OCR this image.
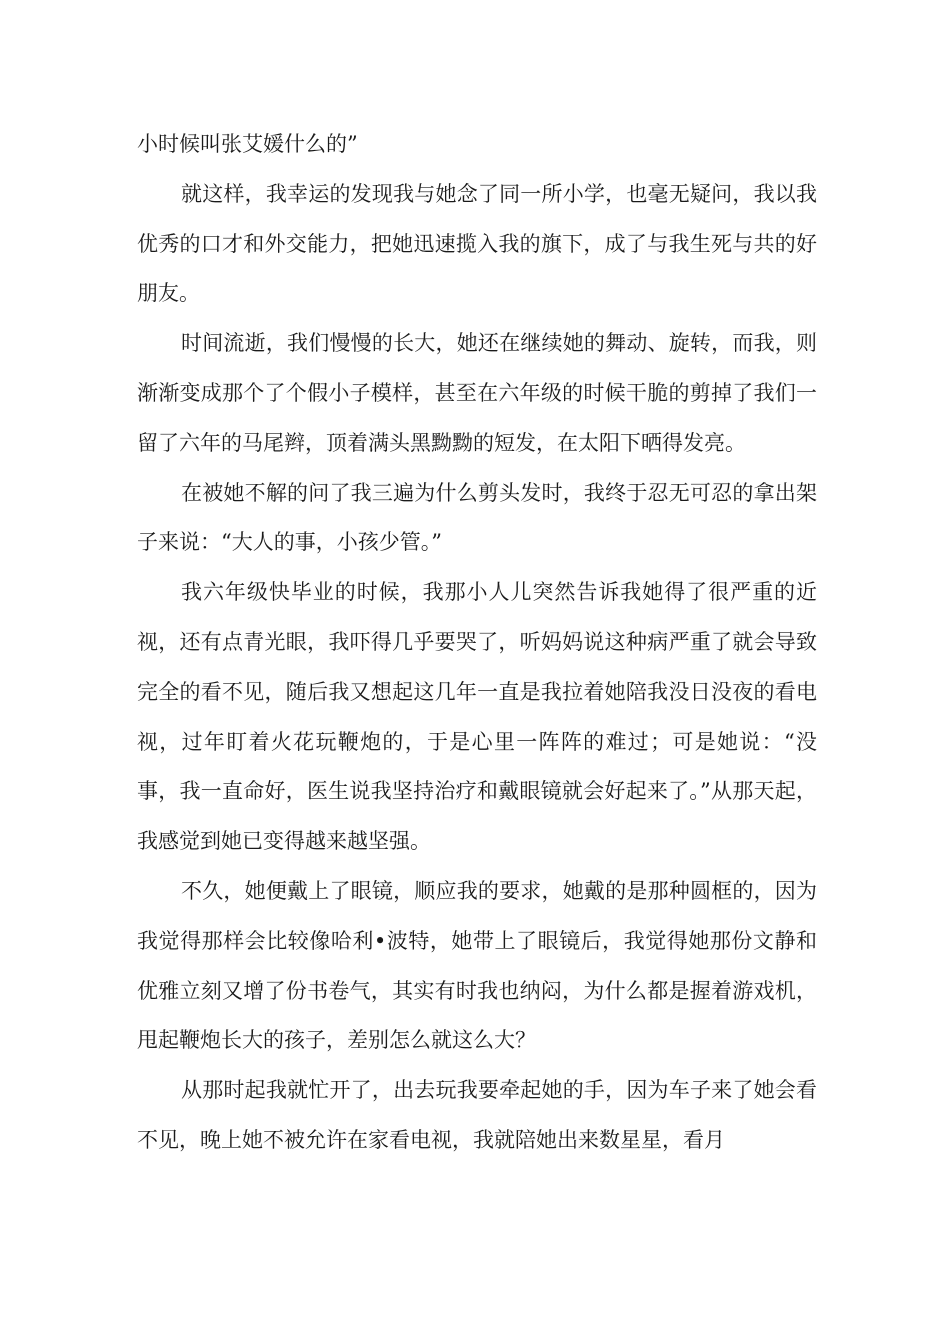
小时候叫张艾媛什么的”

就这样，我幸运的发现我与她念了同一所小学，也毫无疑问，我以我优秀的口才和外交能力，把她迅速揽入我的旗下，成了与我生死与共的好朋友。

时间流逝，我们慢慢的长大，她还在继续她的舞动、旋转，而我，则渐渐变成那个了个假小子模样，甚至在六年级的时候干脆的剪掉了我们一留了六年的马尾辫，顶着满头黑黝黝的短发，在太阳下晒得发亮。

在被她不解的问了我三遍为什么剪头发时，我终于忍无可忍的拿出架子来说：“大人的事，小孩少管。”

我六年级快毕业的时候，我那小人儿突然告诉我她得了很严重的近视，还有点青光眼，我吓得几乎要哭了，听妈妈说这种病严重了就会导致完全的看不见，随后我又想起这几年一直是我拉着她陪我没日没夜的看电视，过年盯着火花玩鞭炮的，于是心里一阵阵的难过；可是她说：“没事，我一直命好，医生说我坚持治疗和戴眼镜就会好起来了。”从那天起，我感觉到她已变得越来越坚强。

不久，她便戴上了眼镜，顺应我的要求，她戴的是那种圆框的，因为我觉得那样会比较像哈利•波特，她带上了眼镜后，我觉得她那份文静和优雅立刻又增了份书卷气，其实有时我也纳闷，为什么都是握着游戏机，甩起鞭炮长大的孩子，差别怎么就这么大？

从那时起我就忙开了，出去玩我要牵起她的手，因为车子来了她会看不见，晚上她不被允许在家看电视，我就陪她出来数星星，看月
